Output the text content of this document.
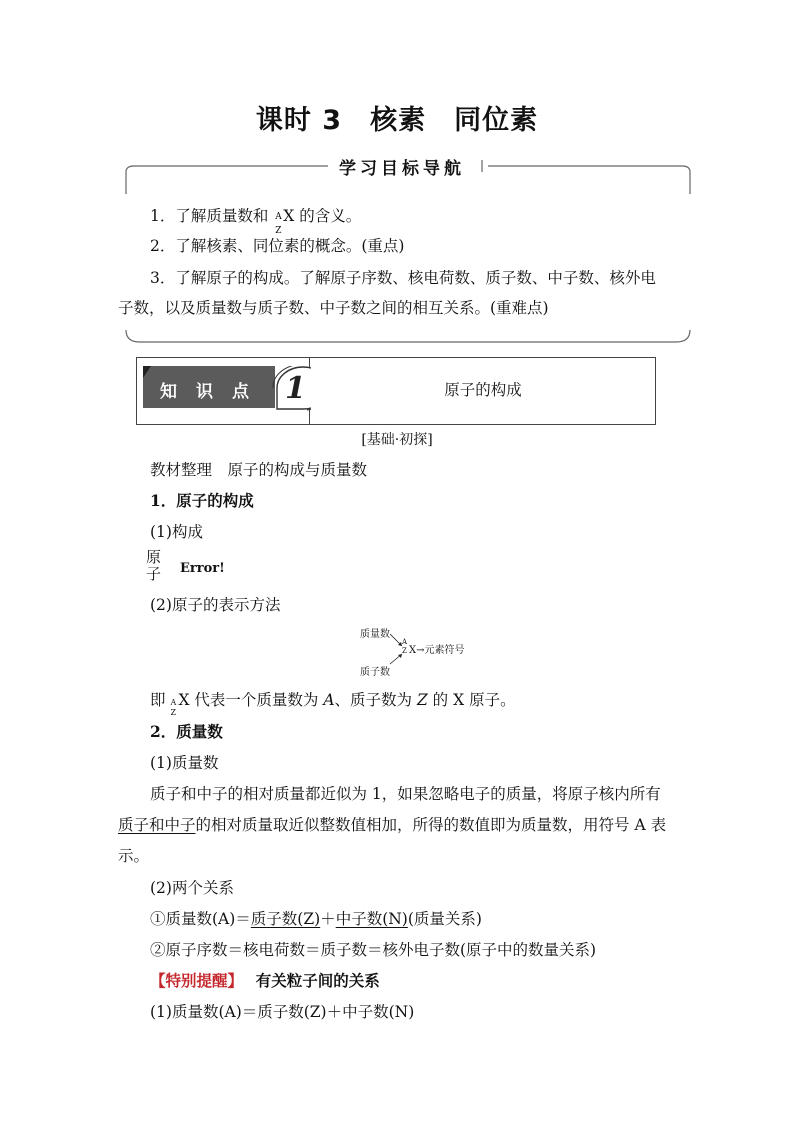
课时 3　核素　同位素
学习目标导航
1．了解质量数和 A
Z
X 的含义。
2．了解核素、同位素的概念。(重点)
3．了解原子的构成。了解原子序数、核电荷数、质子数、中子数、核外电
子数，以及质量数与质子数、中子数之间的相互关系。(重难点)
原子的构成
知　识　点 1
[基础·初探]
教材整理　原子的构成与质量数
1．原子的构成
(1)构成
原
子 Error!
(2)原子的表示方法
质量数
质子数
A
Z X→元素符号
即 A
Z
X 代表一个质量数为 A、质子数为 Z 的 X 原子。
2．质量数
(1)质量数
质子和中子的相对质量都近似为 1，如果忽略电子的质量，将原子核内所有
质子和中子的相对质量取近似整数值相加，所得的数值即为质量数，用符号 A 表
示。
(2)两个关系
①质量数(A)＝质子数(Z)＋中子数(N)(质量关系)
②原子序数＝核电荷数＝质子数＝核外电子数(原子中的数量关系)
【特别提醒】　 有关粒子间的关系
(1)质量数(A)＝质子数(Z)＋中子数(N)
